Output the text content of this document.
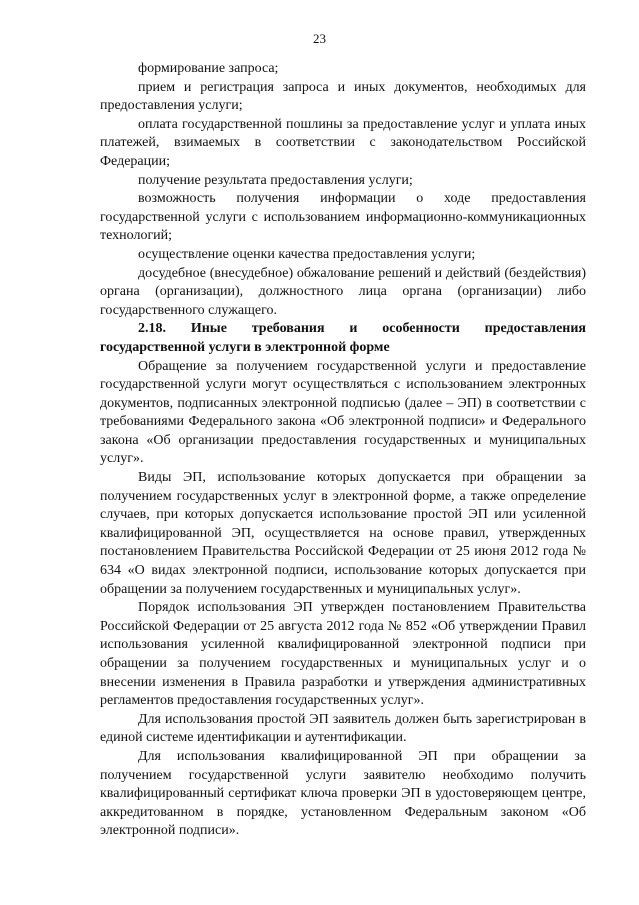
23

формирование запроса;

прием и регистрация запроса и иных документов, необходимых для предоставления услуги;

оплата государственной пошлины за предоставление услуг и уплата иных платежей, взимаемых в соответствии с законодательством Российской Федерации;

получение результата предоставления услуги;

возможность получения информации о ходе предоставления государственной услуги с использованием информационно-коммуникационных технологий;

осуществление оценки качества предоставления услуги;

досудебное (внесудебное) обжалование решений и действий (бездействия) органа (организации), должностного лица органа (организации) либо государственного служащего.

2.18. Иные требования и особенности предоставления государственной услуги в электронной форме

Обращение за получением государственной услуги и предоставление государственной услуги могут осуществляться с использованием электронных документов, подписанных электронной подписью (далее – ЭП) в соответствии с требованиями Федерального закона «Об электронной подписи» и Федерального закона «Об организации предоставления государственных и муниципальных услуг».

Виды ЭП, использование которых допускается при обращении за получением государственных услуг в электронной форме, а также определение случаев, при которых допускается использование простой ЭП или усиленной квалифицированной ЭП, осуществляется на основе правил, утвержденных постановлением Правительства Российской Федерации от 25 июня 2012 года № 634 «О видах электронной подписи, использование которых допускается при обращении за получением государственных и муниципальных услуг».

Порядок использования ЭП утвержден постановлением Правительства Российской Федерации от 25 августа 2012 года № 852 «Об утверждении Правил использования усиленной квалифицированной электронной подписи при обращении за получением государственных и муниципальных услуг и о внесении изменения в Правила разработки и утверждения административных регламентов предоставления государственных услуг».

Для использования простой ЭП заявитель должен быть зарегистрирован в единой системе идентификации и аутентификации.

Для использования квалифицированной ЭП при обращении за получением государственной услуги заявителю необходимо получить квалифицированный сертификат ключа проверки ЭП в удостоверяющем центре, аккредитованном в порядке, установленном Федеральным законом «Об электронной подписи».
